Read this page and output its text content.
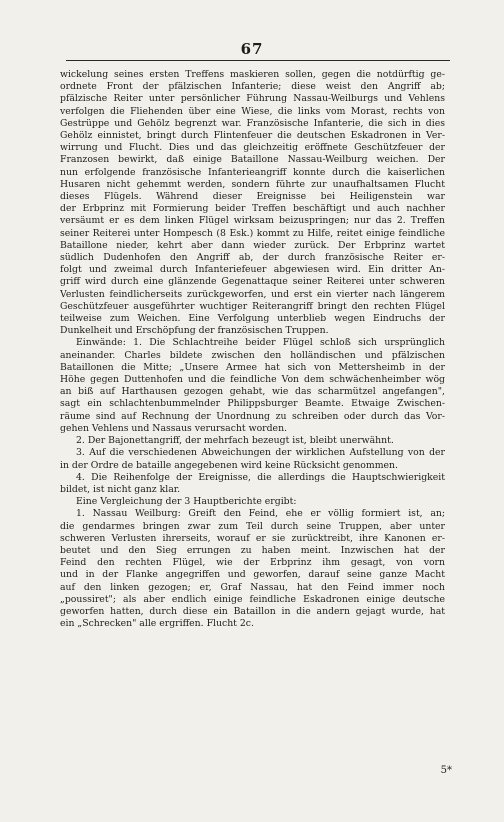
67
wickelung seines ersten Treffens maskieren sollen, gegen die notdürftig ge-
ordnete Front der pfälzischen Infanterie; diese weist den Angriff ab;
pfälzische Reiter unter persönlicher Führung Nassau-Weilburgs und Vehlens
verfolgen die Fliehenden über eine Wiese, die links vom Morast, rechts von
Gestrüppe und Gehölz begrenzt war. Französische Infanterie, die sich in dies
Gehölz einnistet, bringt durch Flintenfeuer die deutschen Eskadronen in Ver-
wirrung und Flucht. Dies und das gleichzeitig eröffnete Geschützfeuer der
Franzosen bewirkt, daß einige Bataillone Nassau-Weilburg weichen. Der
nun erfolgende französische Infanterieangriff konnte durch die kaiserlichen
Husaren nicht gehemmt werden, sondern führte zur unaufhaltsamen Flucht
dieses Flügels. Während dieser Ereignisse bei Heiligenstein war
der Erbprinz mit Formierung beider Treffen beschäftigt und auch nachher
versäumt er es dem linken Flügel wirksam beizuspringen; nur das 2. Treffen
seiner Reiterei unter Hompesch (8 Esk.) kommt zu Hilfe, reitet einige feindliche
Bataillone nieder, kehrt aber dann wieder zurück. Der Erbprinz wartet
südlich Dudenhofen den Angriff ab, der durch französische Reiter er-
folgt und zweimal durch Infanteriefeuer abgewiesen wird. Ein dritter An-
griff wird durch eine glänzende Gegenattaque seiner Reiterei unter schweren
Verlusten feindlicherseits zurückgeworfen, und erst ein vierter nach längerem
Geschützfeuer ausgeführter wuchtiger Reiterangriff bringt den rechten Flügel
teilweise zum Weichen. Eine Verfolgung unterblieb wegen Eindruchs der
Dunkelheit und Erschöpfung der französischen Truppen.
Einwände: 1. Die Schlachtreihe beider Flügel schloß sich ursprünglich
aneinander. Charles bildete zwischen den holländischen und pfälzischen
Bataillonen die Mitte; „Unsere Armee hat sich von Mettersheimb in der
Höhe gegen Duttenhofen und die feindliche Von dem schwächenheimber wög
an biß auf Harthausen gezogen gehabt, wie das scharmützel angefangen",
sagt ein schlachtenbummelnder Philippsburger Beamte. Etwaige Zwischen-
räume sind auf Rechnung der Unordnung zu schreiben oder durch das Vor-
gehen Vehlens und Nassaus verursacht worden.
2. Der Bajonettangriff, der mehrfach bezeugt ist, bleibt unerwähnt.
3. Auf die verschiedenen Abweichungen der wirklichen Aufstellung von der
in der Ordre de bataille angegebenen wird keine Rücksicht genommen.
4. Die Reihenfolge der Ereignisse, die allerdings die Hauptschwierigkeit
bildet, ist nicht ganz klar.
Eine Vergleichung der 3 Hauptberichte ergibt:
1. Nassau Weilburg: Greift den Feind, ehe er völlig formiert ist, an;
die gendarmes bringen zwar zum Teil durch seine Truppen, aber unter
schweren Verlusten ihrerseits, worauf er sie zurücktreibt, ihre Kanonen er-
beutet und den Sieg errungen zu haben meint. Inzwischen hat der
Feind den rechten Flügel, wie der Erbprinz ihm gesagt, von vorn
und in der Flanke angegriffen und geworfen, darauf seine ganze Macht
auf den linken gezogen; er, Graf Nassau, hat den Feind immer noch
„poussiret"; als aber endlich einige feindliche Eskadronen einige deutsche
geworfen hatten, durch diese ein Bataillon in die andern gejagt wurde, hat
ein „Schrecken" alle ergriffen. Flucht 2c.
5*
